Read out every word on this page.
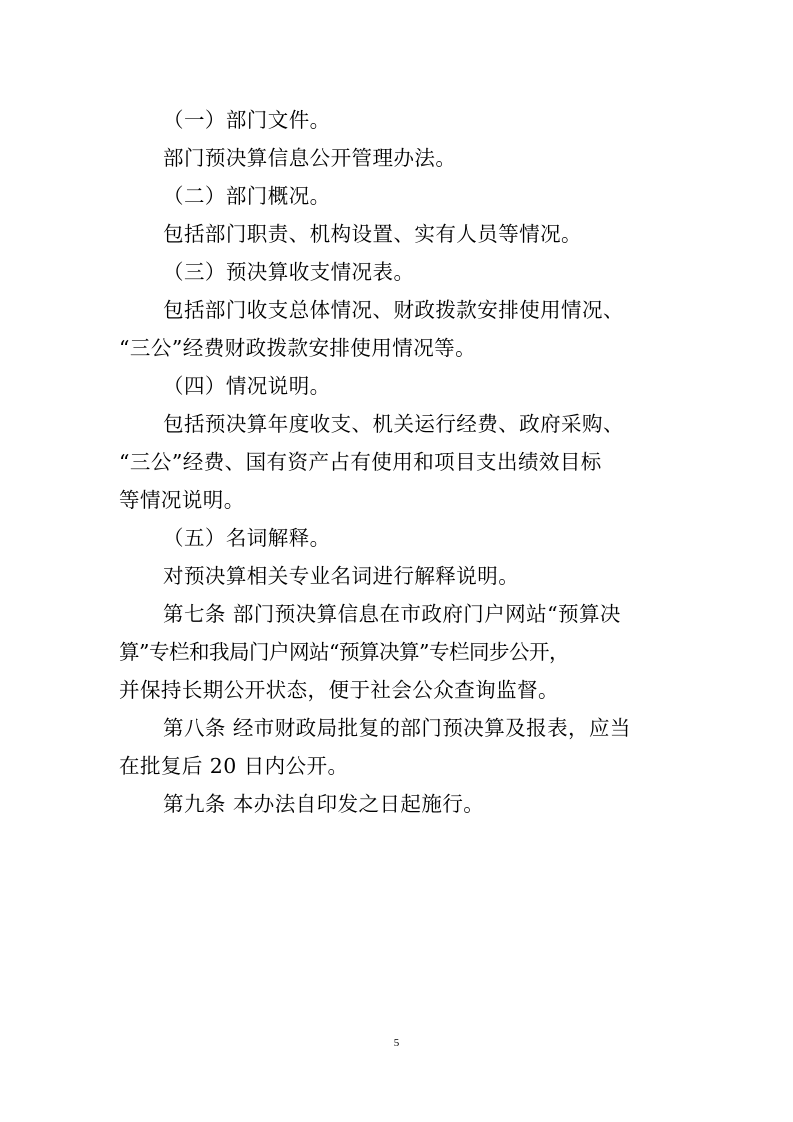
（一）部门文件。
部门预决算信息公开管理办法。
（二）部门概况。
包括部门职责、机构设置、实有人员等情况。
（三）预决算收支情况表。
包括部门收支总体情况、财政拨款安排使用情况、
“三公”经费财政拨款安排使用情况等。
（四）情况说明。
包括预决算年度收支、机关运行经费、政府采购、
“三公”经费、国有资产占有使用和项目支出绩效目标
等情况说明。
（五）名词解释。
对预决算相关专业名词进行解释说明。
第七条 部门预决算信息在市政府门户网站“预算决
算”专栏和我局门户网站“预算决算”专栏同步公开，
并保持长期公开状态，便于社会公众查询监督。
第八条 经市财政局批复的部门预决算及报表，应当
在批复后 20 日内公开。
第九条 本办法自印发之日起施行。
5
